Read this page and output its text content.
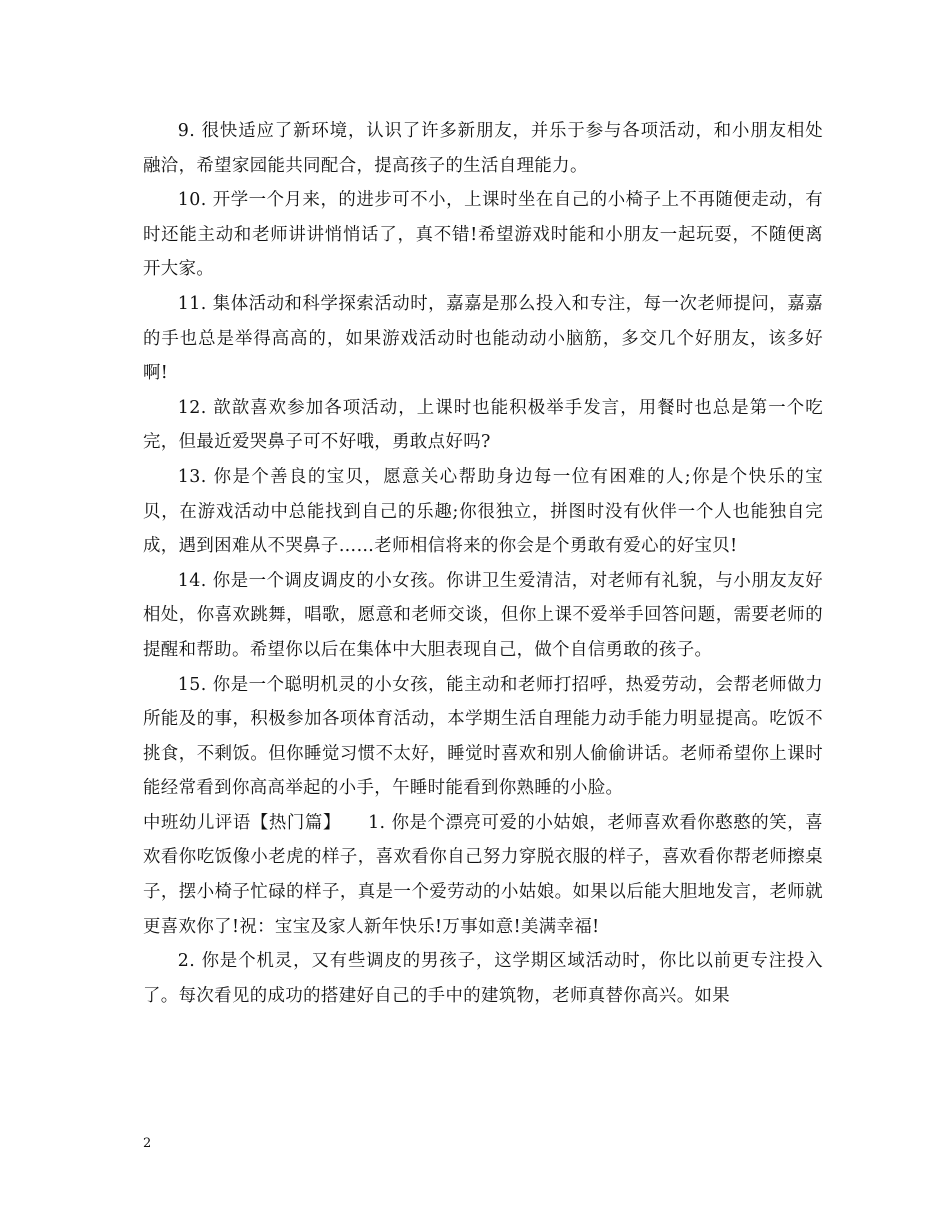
9. 很快适应了新环境，认识了许多新朋友，并乐于参与各项活动，和小朋友相处融洽，希望家园能共同配合，提高孩子的生活自理能力。

10. 开学一个月来，的进步可不小，上课时坐在自己的小椅子上不再随便走动，有时还能主动和老师讲讲悄悄话了，真不错!希望游戏时能和小朋友一起玩耍，不随便离开大家。

11. 集体活动和科学探索活动时，嘉嘉是那么投入和专注，每一次老师提问，嘉嘉的手也总是举得高高的，如果游戏活动时也能动动小脑筋，多交几个好朋友，该多好啊!

12. 歆歆喜欢参加各项活动，上课时也能积极举手发言，用餐时也总是第一个吃完，但最近爱哭鼻子可不好哦，勇敢点好吗?

13. 你是个善良的宝贝，愿意关心帮助身边每一位有困难的人;你是个快乐的宝贝，在游戏活动中总能找到自己的乐趣;你很独立，拼图时没有伙伴一个人也能独自完成，遇到困难从不哭鼻子……老师相信将来的你会是个勇敢有爱心的好宝贝!

14. 你是一个调皮调皮的小女孩。你讲卫生爱清洁，对老师有礼貌，与小朋友友好相处，你喜欢跳舞，唱歌，愿意和老师交谈，但你上课不爱举手回答问题，需要老师的提醒和帮助。希望你以后在集体中大胆表现自己，做个自信勇敢的孩子。

15. 你是一个聪明机灵的小女孩，能主动和老师打招呼，热爱劳动，会帮老师做力所能及的事，积极参加各项体育活动，本学期生活自理能力动手能力明显提高。吃饭不挑食，不剩饭。但你睡觉习惯不太好，睡觉时喜欢和别人偷偷讲话。老师希望你上课时能经常看到你高高举起的小手，午睡时能看到你熟睡的小脸。

中班幼儿评语【热门篇】　　1. 你是个漂亮可爱的小姑娘，老师喜欢看你憨憨的笑，喜欢看你吃饭像小老虎的样子，喜欢看你自己努力穿脱衣服的样子，喜欢看你帮老师擦桌子，摆小椅子忙碌的样子，真是一个爱劳动的小姑娘。如果以后能大胆地发言，老师就更喜欢你了!祝：宝宝及家人新年快乐!万事如意!美满幸福!

2. 你是个机灵，又有些调皮的男孩子，这学期区域活动时，你比以前更专注投入了。每次看见的成功的搭建好自己的手中的建筑物，老师真替你高兴。如果

2
